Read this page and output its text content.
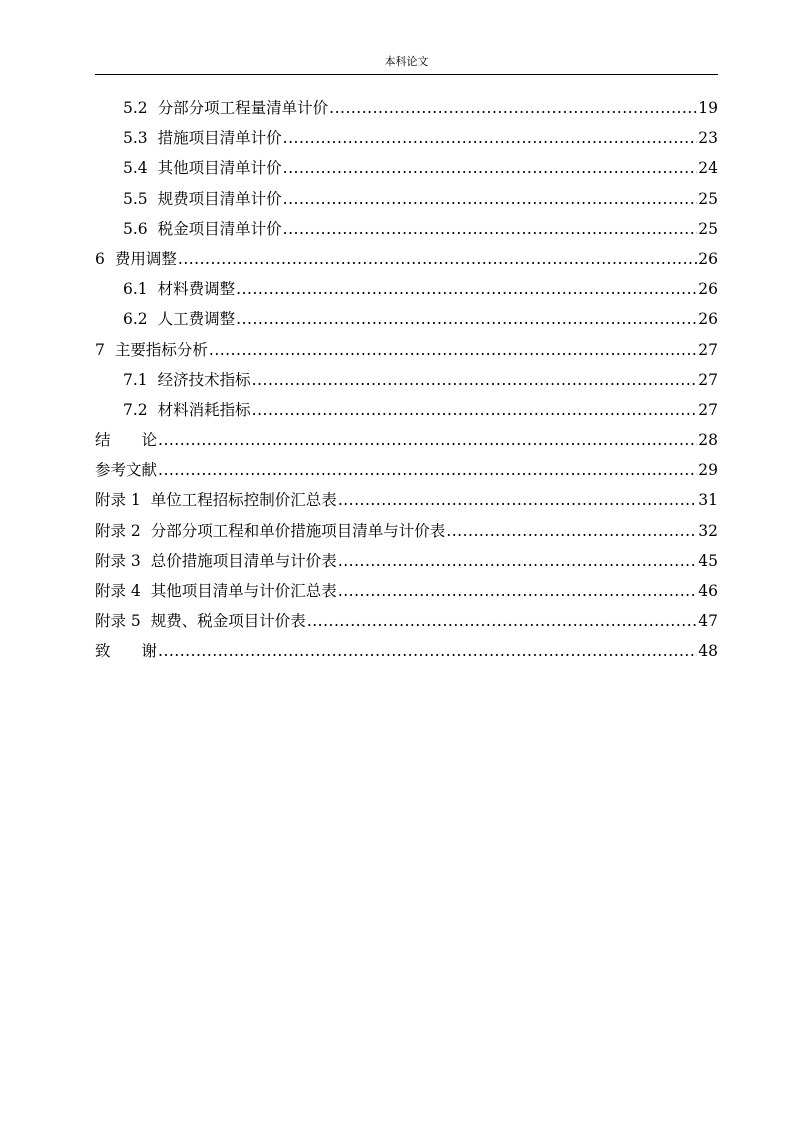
本科论文
5.2 分部分项工程量清单计价 .....	19
5.3 措施项目清单计价 .....	23
5.4 其他项目清单计价 .....	24
5.5 规费项目清单计价 .....	25
5.6 税金项目清单计价 .....	25
6 费用调整 .....	26
6.1 材料费调整 .....	26
6.2 人工费调整 .....	26
7 主要指标分析 .....	27
7.1 经济技术指标 .....	27
7.2 材料消耗指标 .....	27
结　　论 .....	28
参考文献 .....	29
附录 1 单位工程招标控制价汇总表 .....	31
附录 2 分部分项工程和单价措施项目清单与计价表 .....	32
附录 3 总价措施项目清单与计价表 .....	45
附录 4 其他项目清单与计价汇总表 .....	46
附录 5 规费、税金项目计价表 .....	47
致　　谢 .....	48
